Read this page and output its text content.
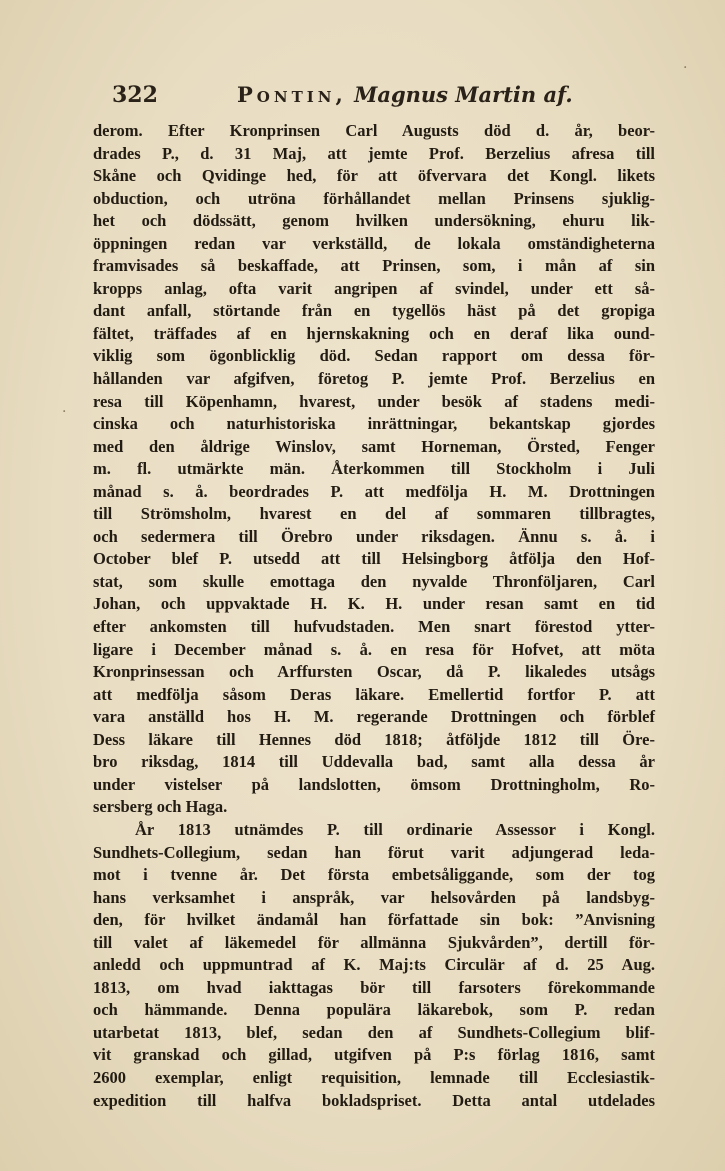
322	Pontin, Magnus Martin af.
derom. Efter Kronprinsen Carl Augusts död d. år, beor-
drades P., d. 31 Maj, att jemte Prof. Berzelius afresa till
Skåne och Qvidinge hed, för att öfvervara det Kongl. likets
obduction, och utröna förhållandet mellan Prinsens sjuklig-
het och dödssätt, genom hvilken undersökning, ehuru lik-
öppningen redan var verkställd, de lokala omständigheterna
framvisades så beskaffade, att Prinsen, som, i mån af sin
kropps anlag, ofta varit angripen af svindel, under ett så-
dant anfall, störtande från en tygellös häst på det gropiga
fältet, träffades af en hjernskakning och en deraf lika ound-
viklig som ögonblicklig död. Sedan rapport om dessa för-
hållanden var afgifven, företog P. jemte Prof. Berzelius en
resa till Köpenhamn, hvarest, under besök af stadens medi-
cinska och naturhistoriska inrättningar, bekantskap gjordes
med den åldrige Winslov, samt Horneman, Örsted, Fenger
m. fl. utmärkte män. Återkommen till Stockholm i Juli
månad s. å. beordrades P. att medfölja H. M. Drottningen
till Strömsholm, hvarest en del af sommaren tillbragtes,
och sedermera till Örebro under riksdagen. Ännu s. å. i
October blef P. utsedd att till Helsingborg åtfölja den Hof-
stat, som skulle emottaga den nyvalde Thronföljaren, Carl
Johan, och uppvaktade H. K. H. under resan samt en tid
efter ankomsten till hufvudstaden. Men snart förestod ytter-
ligare i December månad s. å. en resa för Hofvet, att möta
Kronprinsessan och Arffursten Oscar, då P. likaledes utsågs
att medfölja såsom Deras läkare. Emellertid fortfor P. att
vara anställd hos H. M. regerande Drottningen och förblef
Dess läkare till Hennes död 1818; åtföljde 1812 till Öre-
bro riksdag, 1814 till Uddevalla bad, samt alla dessa år
under vistelser på landslotten, ömsom Drottningholm, Ro-
sersberg och Haga.
År 1813 utnämdes P. till ordinarie Assessor i Kongl.
Sundhets-Collegium, sedan han förut varit adjungerad leda-
mot i tvenne år. Det första embetsåliggande, som der tog
hans verksamhet i anspråk, var helsovården på landsbyg-
den, för hvilket ändamål han författade sin bok: ”Anvisning
till valet af läkemedel för allmänna Sjukvården”, dertill för-
anledd och uppmuntrad af K. Maj:ts Circulär af d. 25 Aug.
1813, om hvad iakttagas bör till farsoters förekommande
och hämmande. Denna populära läkarebok, som P. redan
utarbetat 1813, blef, sedan den af Sundhets-Collegium blif-
vit granskad och gillad, utgifven på P:s förlag 1816, samt
2600 exemplar, enligt requisition, lemnade till Ecclesiastik-
expedition till halfva bokladspriset. Detta antal utdelades
·
·
